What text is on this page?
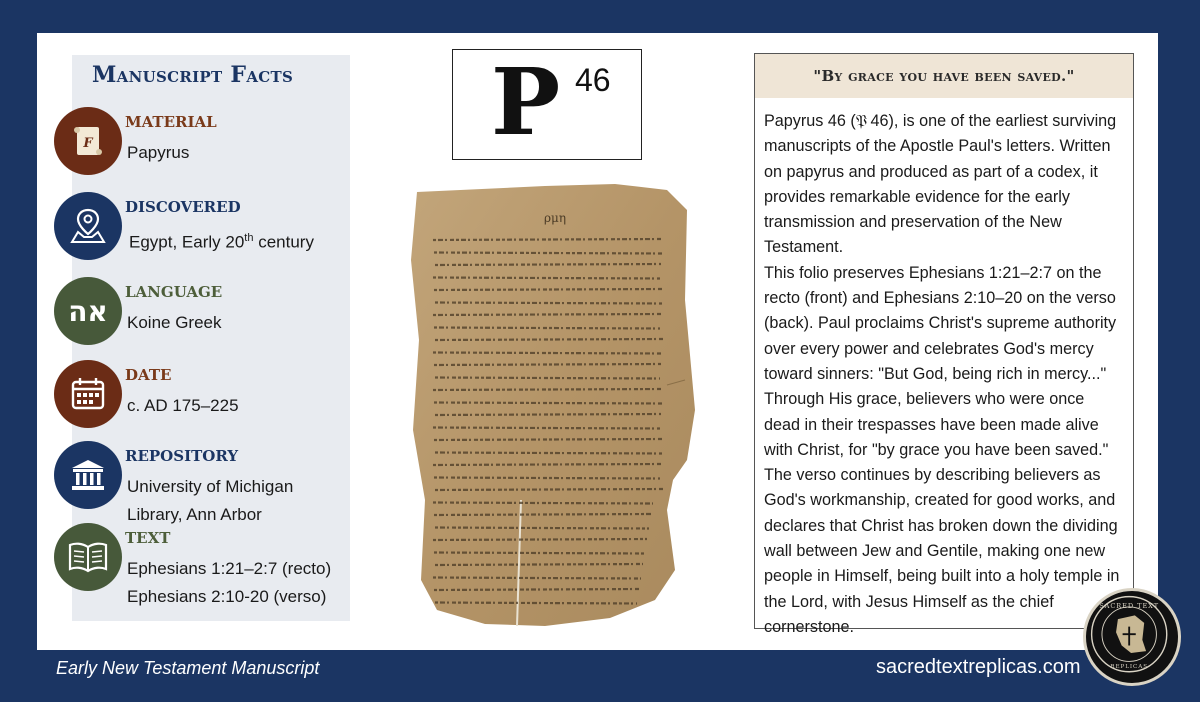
Manuscript Facts
F
MATERIAL
Papyrus
DISCOVERED
Egypt, Early 20th century
אה
LANGUAGE
Koine Greek
DATE
c. AD 175–225
REPOSITORY
University of Michigan
Library, Ann Arbor
TEXT
Ephesians 1:21–2:7 (recto)
Ephesians 2:10-20 (verso)
P 46
ρμη
"By grace you have been saved."

Papyrus 46 (𝔓 46), is one of the earliest surviving manuscripts of the Apostle Paul's letters. Written on papyrus and produced as part of a codex, it provides remarkable evidence for the early transmission and preservation of the New Testament.

This folio preserves Ephesians 1:21–2:7 on the recto (front) and Ephesians 2:10–20 on the verso (back). Paul proclaims Christ's supreme authority over every power and celebrates God's mercy toward sinners: "But God, being rich in mercy..." Through His grace, believers who were once dead in their trespasses have been made alive with Christ, for "by grace you have been saved."

The verso continues by describing believers as God's workmanship, created for good works, and declares that Christ has broken down the dividing wall between Jew and Gentile, making one new people in Himself, being built into a holy temple in the Lord, with Jesus Himself as the chief cornerstone.

Early New Testament Manuscript	sacredtextreplicas.com
SACRED TEXT
REPLICAS
